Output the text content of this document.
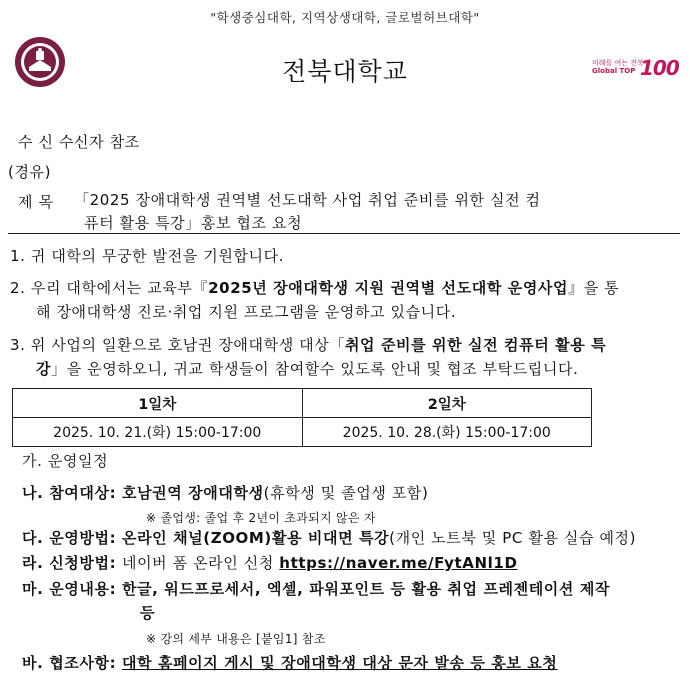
"학생중심대학, 지역상생대학, 글로벌허브대학"
전북대학교	미래를 여는 전북대
Global TOP 100
수 신 수신자 참조
(경유)
제 목 「2025 장애대학생 권역별 선도대학 사업 취업 준비를 위한 실전 컴
퓨터 활용 특강」홍보 협조 요청
1. 귀 대학의 무궁한 발전을 기원합니다.
2. 우리 대학에서는 교육부『2025년 장애대학생 지원 권역별 선도대학 운영사업』을 통
해 장애대학생 진로·취업 지원 프로그램을 운영하고 있습니다.
3. 위 사업의 일환으로 호남권 장애대학생 대상「취업 준비를 위한 실전 컴퓨터 활용 특
강」을 운영하오니, 귀교 학생들이 참여할수 있도록 안내 및 협조 부탁드립니다.
1일차	2일차
2025. 10. 21.(화) 15:00-17:00	2025. 10. 28.(화) 15:00-17:00
가. 운영일정
나. 참여대상: 호남권역 장애대학생(휴학생 및 졸업생 포함)
※ 졸업생: 졸업 후 2년이 초과되지 않은 자
다. 운영방법: 온라인 채널(ZOOM)활용 비대면 특강(개인 노트북 및 PC 활용 실습 예정)
라. 신청방법: 네이버 폼 온라인 신청 https://naver.me/FytANl1D
마. 운영내용: 한글, 워드프로세서, 엑셀, 파워포인트 등 활용 취업 프레젠테이션 제작
등
※ 강의 세부 내용은 [붙임1] 참조
바. 협조사항: 대학 홈페이지 게시 및 장애대학생 대상 문자 발송 등 홍보 요청
